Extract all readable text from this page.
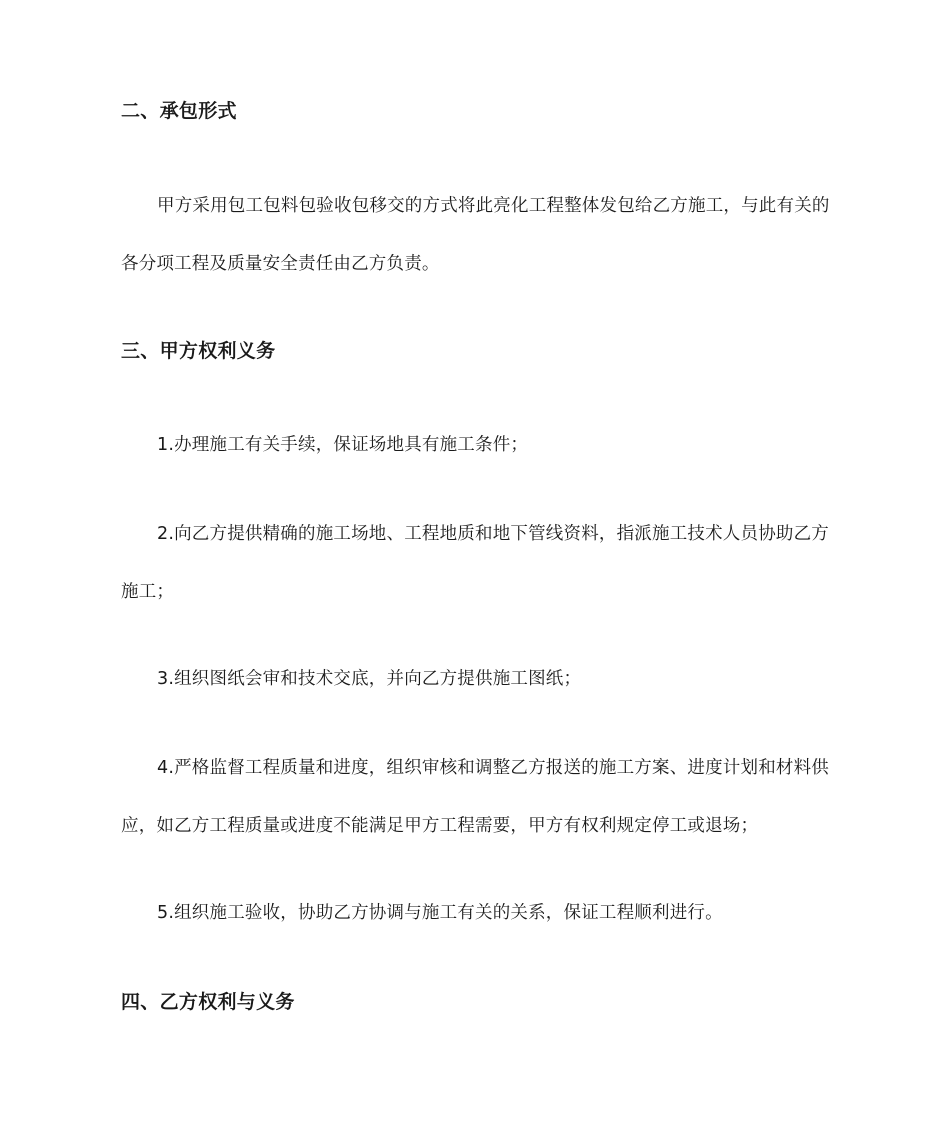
二、承包形式

甲方采用包工包料包验收包移交的方式将此亮化工程整体发包给乙方施工，与此有关的各分项工程及质量安全责任由乙方负责。

三、甲方权利义务

1.办理施工有关手续，保证场地具有施工条件；

2.向乙方提供精确的施工场地、工程地质和地下管线资料，指派施工技术人员协助乙方施工；

3.组织图纸会审和技术交底，并向乙方提供施工图纸；

4.严格监督工程质量和进度，组织审核和调整乙方报送的施工方案、进度计划和材料供应，如乙方工程质量或进度不能满足甲方工程需要，甲方有权利规定停工或退场；

5.组织施工验收，协助乙方协调与施工有关的关系，保证工程顺利进行。

四、乙方权利与义务
